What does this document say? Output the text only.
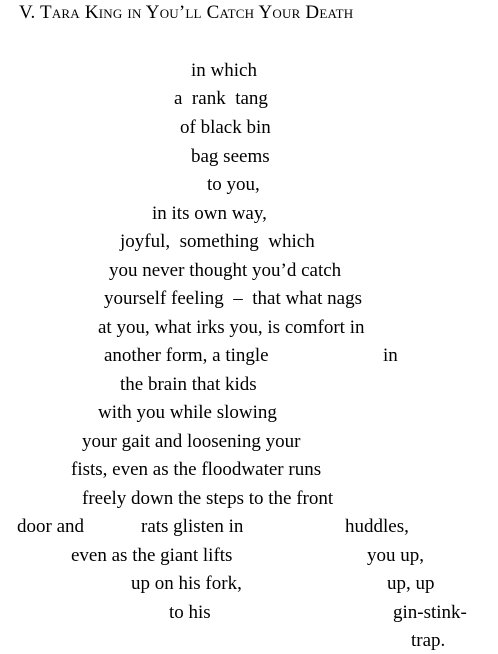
V. Tara King in You’ll Catch Your Death
in which
a  rank  tang
of black bin
bag seems
to you,
in its own way,
joyful,  something  which
you never thought you’d catch
yourself feeling  –  that what nags
at you, what irks you, is comfort in
another form, a tingle	in
the brain that kids
with you while slowing
your gait and loosening your
fists, even as the floodwater runs
freely down the steps to the front
door and	rats glisten in	huddles,
even as the giant lifts	you up,
up on his fork,	up, up
to his	gin-stink-
trap.
